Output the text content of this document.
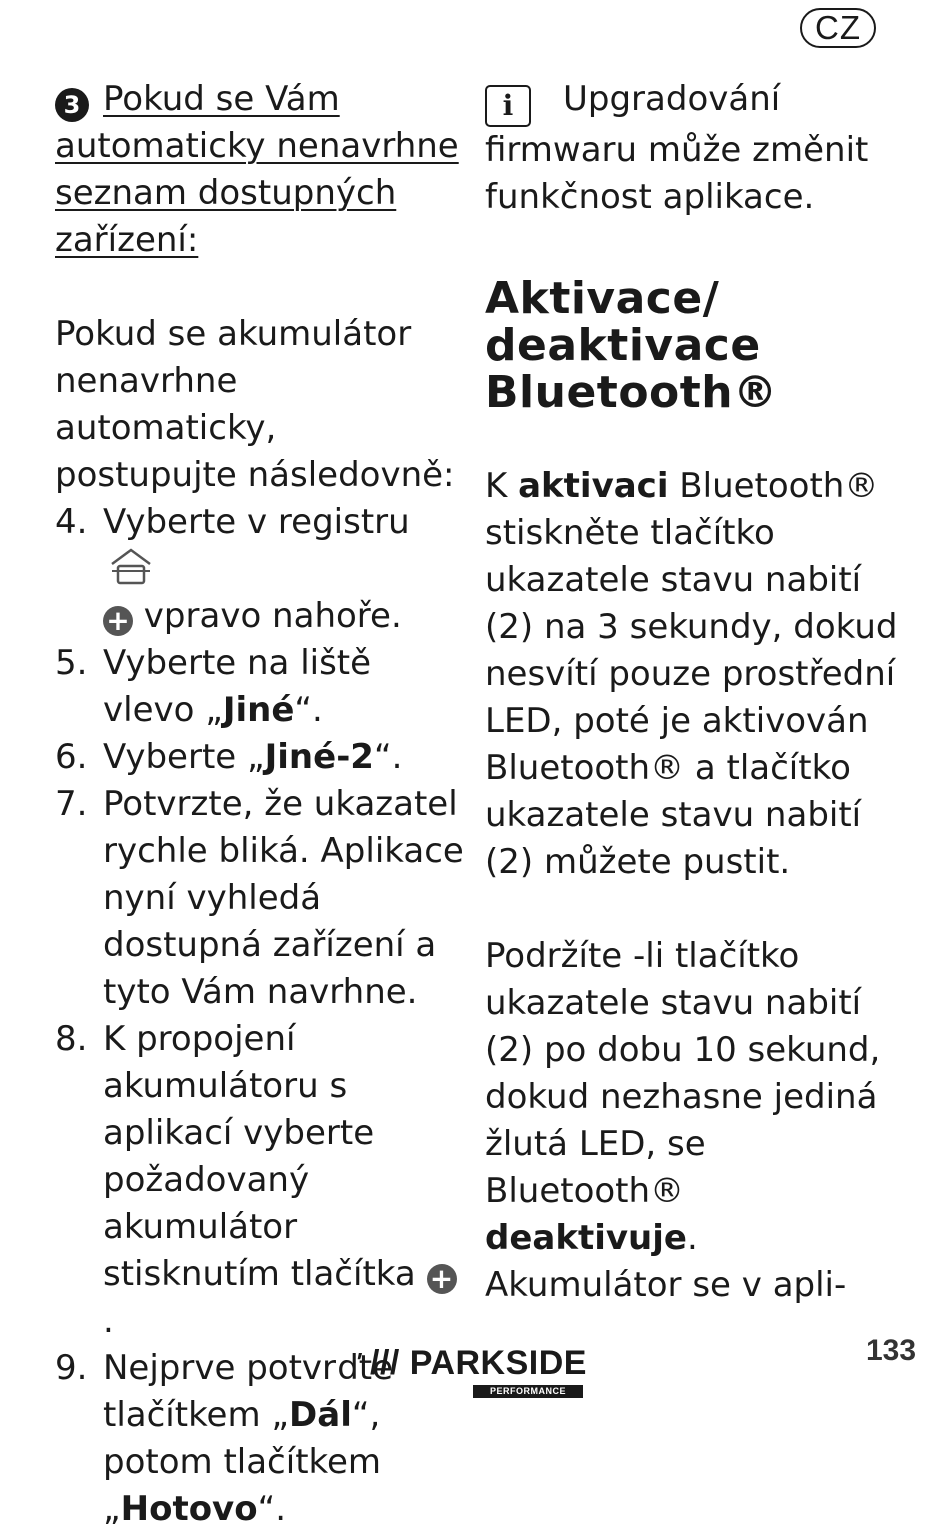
CZ
3 Pokud se Vám automaticky nenavrhne seznam dostupných zařízení:

Pokud se akumulátor nenavrhne automaticky, postupujte následovně:

4. Vyberte v registru
+ vpravo nahoře.
5. Vyberte na liště vlevo „Jiné“.
6. Vyberte „Jiné-2“.
7. Potvrzte, že ukazatel rychle bliká. Aplikace nyní vyhledá dostupná zařízení a tyto Vám navrhne.
8. K propojení akumulátoru s aplikací vyberte požadovaný akumulátor stisknutím tlačítka +.
9. Nejprve potvrďte tlačítkem „Dál“, potom tlačítkem „Hotovo“.
i Upgradování firmwaru může změnit funkčnost aplikace.
Aktivace/ deaktivace Bluetooth®

K aktivaci Bluetooth® stiskněte tlačítko ukazatele stavu nabití (2) na 3 sekundy, dokud nesvítí pouze prostřední LED, poté je aktivován Bluetooth® a tlačítko ukazatele stavu nabití (2) můžete pustit.

Podržíte -li tlačítko ukazatele stavu nabití (2) po dobu 10 sekund, dokud nezhasne jediná žlutá LED, se Bluetooth® deaktivuje. Akumulátor se v apli-

/// PARKSIDE
PERFORMANCE
133
